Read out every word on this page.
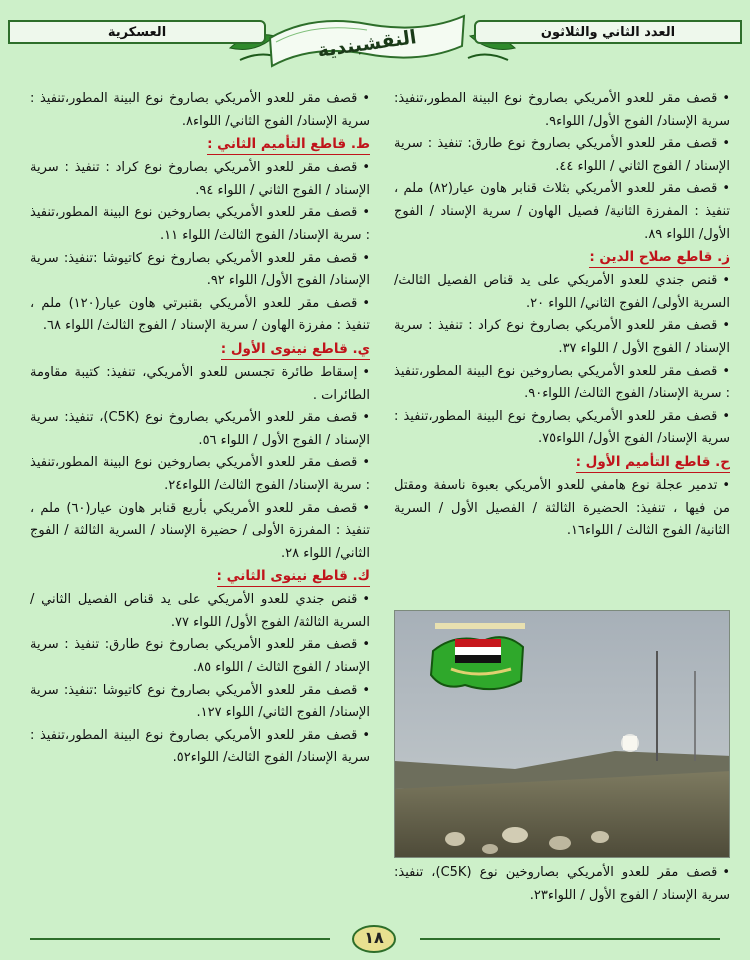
العسكرية	العدد الثاني والثلاثون
النقشبندية

• قصف مقر للعدو الأمريكي بصاروخ نوع البينة المطور،تنفيذ: سرية الإسناد/ الفوج الأول/ اللواء٩.

• قصف مقر للعدو الأمريكي بصاروخ نوع طارق: تنفيذ : سرية الإسناد / الفوج الثاني / اللواء ٤٤.

• قصف مقر للعدو الأمريكي بثلاث قنابر هاون عيار(٨٢) ملم ، تنفيذ : المفرزة الثانية/ فصيل الهاون / سرية الإسناد / الفوج الأول/ اللواء ٨٩.

ز. قاطع صلاح الدين :

• قنص جندي للعدو الأمريكي على يد قناص الفصيل الثالث/ السرية الأولى/ الفوج الثاني/ اللواء ٢٠.

• قصف مقر للعدو الأمريكي بصاروخ نوع كراد : تنفيذ : سرية الإسناد / الفوج الأول / اللواء ٣٧.

• قصف مقر للعدو الأمريكي بصاروخين نوع البينة المطور،تنفيذ : سرية الإسناد/ الفوج الثالث/ اللواء٩٠.

• قصف مقر للعدو الأمريكي بصاروخ نوع البينة المطور،تنفيذ : سرية الإسناد/ الفوج الأول/ اللواء٧٥.

ح. قاطع التأميم الأول :

• تدمير عجلة نوع هامفي للعدو الأمريكي بعبوة ناسفة ومقتل من فيها ، تنفيذ: الحضيرة الثالثة / الفصيل الأول / السرية الثانية/ الفوج الثالث / اللواء١٦.

• قصف مقر للعدو الأمريكي بصاروخين نوع (C5K)، تنفيذ: سرية الإسناد / الفوج الأول / اللواء٢٣.

• قصف مقر للعدو الأمريكي بصاروخ نوع البينة المطور،تنفيذ : سرية الإسناد/ الفوج الثاني/ اللواء٨.

ط. قاطع التأميم الثاني :

• قصف مقر للعدو الأمريكي بصاروخ نوع كراد : تنفيذ : سرية الإسناد / الفوج الثاني / اللواء ٩٤.

• قصف مقر للعدو الأمريكي بصاروخين نوع البينة المطور،تنفيذ : سرية الإسناد/ الفوج الثالث/ اللواء ١١.

• قصف مقر للعدو الأمريكي بصاروخ نوع كاتيوشا :تنفيذ: سرية الإسناد/ الفوج الأول/ اللواء ٩٢.

• قصف مقر للعدو الأمريكي بقنبرتي هاون عيار(١٢٠) ملم ، تنفيذ : مفرزة الهاون / سرية الإسناد / الفوج الثالث/ اللواء ٦٨.

ي. قاطع نينوى الأول :

• إسقاط طائرة تجسس للعدو الأمريكي، تنفيذ: كتيبة مقاومة الطائرات .

• قصف مقر للعدو الأمريكي بصاروخ نوع (C5K)، تنفيذ: سرية الإسناد / الفوج الأول / اللواء ٥٦.

• قصف مقر للعدو الأمريكي بصاروخين نوع البينة المطور،تنفيذ : سرية الإسناد/ الفوج الثالث/ اللواء٢٤.

• قصف مقر للعدو الأمريكي بأربع قنابر هاون عيار(٦٠) ملم ، تنفيذ : المفرزة الأولى / حضيرة الإسناد / السرية الثالثة / الفوج الثاني/ اللواء ٢٨.

ك. قاطع نينوى الثاني :

• قنص جندي للعدو الأمريكي على يد قناص الفصيل الثاني / السرية الثالثة/ الفوج الأول/ اللواء ٧٧.

• قصف مقر للعدو الأمريكي بصاروخ نوع طارق: تنفيذ : سرية الإسناد / الفوج الثالث / اللواء ٨٥.

• قصف مقر للعدو الأمريكي بصاروخ نوع كاتيوشا :تنفيذ: سرية الإسناد/ الفوج الثاني/ اللواء ١٢٧.

• قصف مقر للعدو الأمريكي بصاروخ نوع البينة المطور،تنفيذ : سرية الإسناد/ الفوج الثالث/ اللواء٥٢.

١٨
